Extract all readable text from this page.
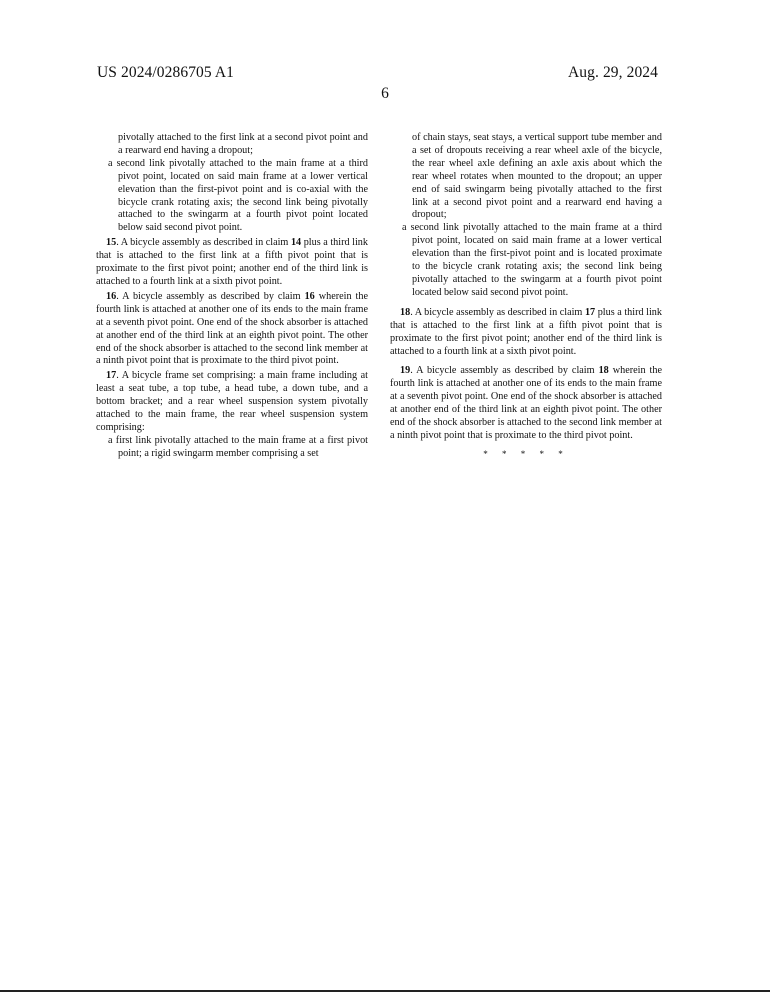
US 2024/0286705 A1	Aug. 29, 2024
6

pivotally attached to the first link at a second pivot point and a rearward end having a dropout;

a second link pivotally attached to the main frame at a third pivot point, located on said main frame at a lower vertical elevation than the first-pivot point and is co-axial with the bicycle crank rotating axis; the second link being pivotally attached to the swingarm at a fourth pivot point located below said second pivot point.

15. A bicycle assembly as described in claim 14 plus a third link that is attached to the first link at a fifth pivot point that is proximate to the first pivot point; another end of the third link is attached to a fourth link at a sixth pivot point.

16. A bicycle assembly as described by claim 16 wherein the fourth link is attached at another one of its ends to the main frame at a seventh pivot point. One end of the shock absorber is attached at another end of the third link at an eighth pivot point. The other end of the shock absorber is attached to the second link member at a ninth pivot point that is proximate to the third pivot point.

17. A bicycle frame set comprising: a main frame including at least a seat tube, a top tube, a head tube, a down tube, and a bottom bracket; and a rear wheel suspension system pivotally attached to the main frame, the rear wheel suspension system comprising:

a first link pivotally attached to the main frame at a first pivot point; a rigid swingarm member comprising a set

of chain stays, seat stays, a vertical support tube member and a set of dropouts receiving a rear wheel axle of the bicycle, the rear wheel axle defining an axle axis about which the rear wheel rotates when mounted to the dropout; an upper end of said swingarm being pivotally attached to the first link at a second pivot point and a rearward end having a dropout;

a second link pivotally attached to the main frame at a third pivot point, located on said main frame at a lower vertical elevation than the first-pivot point and is located proximate to the bicycle crank rotating axis; the second link being pivotally attached to the swingarm at a fourth pivot point located below said second pivot point.

18. A bicycle assembly as described in claim 17 plus a third link that is attached to the first link at a fifth pivot point that is proximate to the first pivot point; another end of the third link is attached to a fourth link at a sixth pivot point.

19. A bicycle assembly as described by claim 18 wherein the fourth link is attached at another one of its ends to the main frame at a seventh pivot point. One end of the shock absorber is attached at another end of the third link at an eighth pivot point. The other end of the shock absorber is attached to the second link member at a ninth pivot point that is proximate to the third pivot point.

* * * * *
